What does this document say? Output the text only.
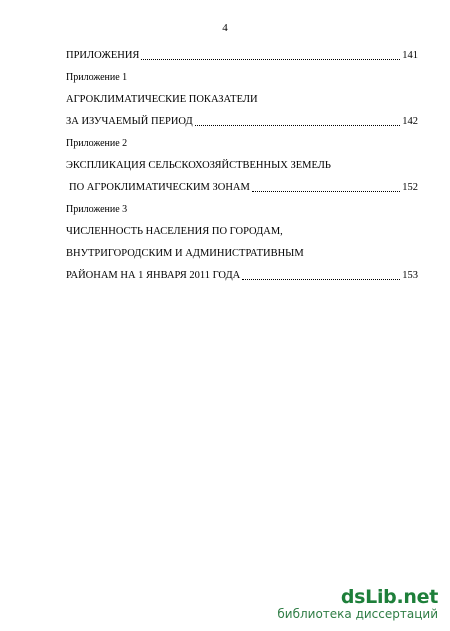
4
ПРИЛОЖЕНИЯ	141
Приложение 1
АГРОКЛИМАТИЧЕСКИЕ ПОКАЗАТЕЛИ
ЗА ИЗУЧАЕМЫЙ ПЕРИОД	142
Приложение 2
ЭКСПЛИКАЦИЯ СЕЛЬСКОХОЗЯЙСТВЕННЫХ ЗЕМЕЛЬ
ПО АГРОКЛИМАТИЧЕСКИМ ЗОНАМ	152
Приложение 3
ЧИСЛЕННОСТЬ НАСЕЛЕНИЯ ПО ГОРОДАМ,
ВНУТРИГОРОДСКИМ И АДМИНИСТРАТИВНЫМ
РАЙОНАМ НА 1 ЯНВАРЯ 2011 ГОДА	153
dsLib.net
библиотека диссертаций
